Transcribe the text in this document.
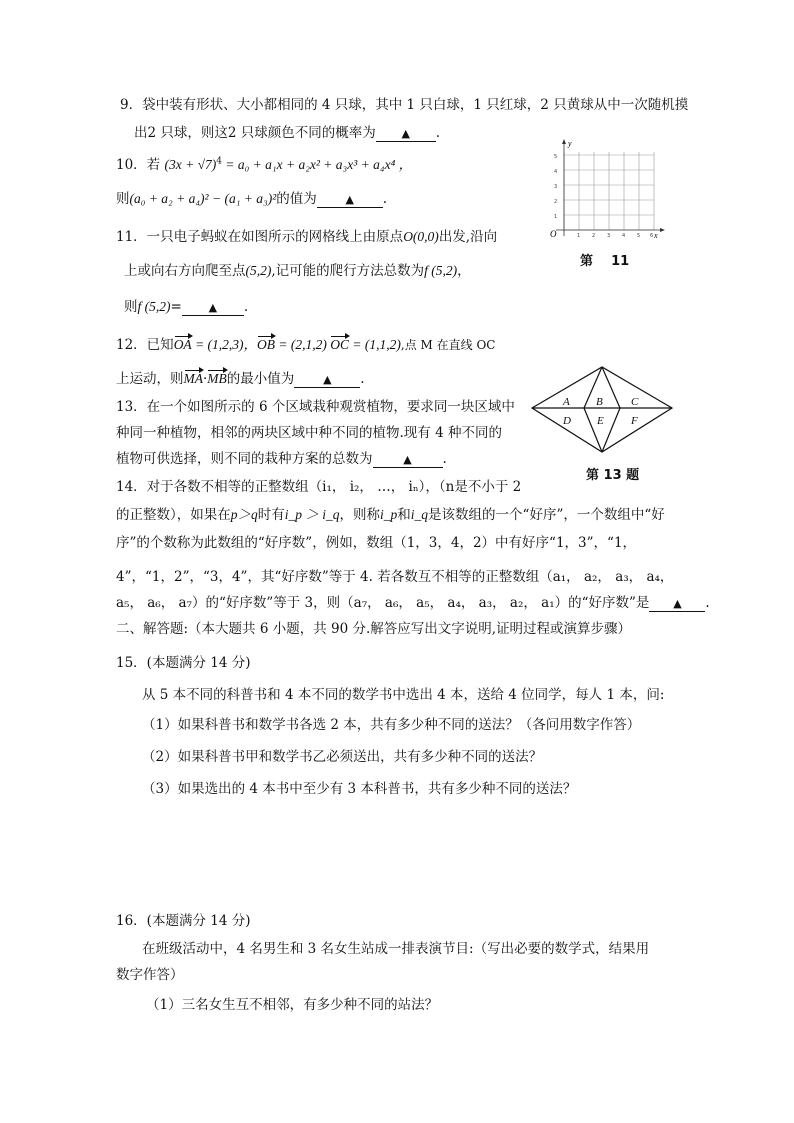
9．袋中装有形状、大小都相同的 4 只球，其中 1 只白球，1 只红球，2 只黄球从中一次随机摸
出2 只球，则这2 只球颜色不同的概率为 ▲ .
10．若 $(3x + √7)^4 = a_0 + a_1x + a_2x^2 + a_3x^3 + a_4x^4$ ，
则(a₀ + a₂ + a₄)² − (a₁ + a₃)²的值为	▲ .
11．一只电子蚂蚁在如图所示的网格线上由原点O(0,0)出发,沿向
上或向右方向爬至点(5,2),记可能的爬行方法总数为f (5,2)，
则f (5,2)= ▲ .
12．已知OA = (1,2,3)，OB = (2,1,2) OC = (1,1,2),点 M 在直线 OC
上运动，则MA·MB的最小值为	▲ .
13．在一个如图所示的 6 个区域栽种观赏植物，要求同一块区域中
种同一种植物，相邻的两块区域中种不同的植物.现有 4 种不同的
植物可供选择，则不同的栽种方案的总数为	▲ .
14．对于各数不相等的正整数组（i₁， i₂， …， iₙ），（n是不小于 2
的正整数），如果在p＞q时有i_p ＞ i_q，则称i_p和i_q是该数组的一个“好序”，一个数组中“好
序”的个数称为此数组的“好序数”，例如，数组（1，3，4，2）中有好序“1，3”，“1，
4”，“1，2”，“3，4”，其“好序数”等于 4. 若各数互不相等的正整数组（a₁， a₂， a₃， a₄，
a₅， a₆， a₇）的“好序数”等于 3，则（a₇， a₆， a₅， a₄， a₃， a₂， a₁）的“好序数”是 ▲ .
二、解答题:（本大题共 6 小题，共 90 分.解答应写出文字说明,证明过程或演算步骤）
15．(本题满分 14 分)
从 5 本不同的科普书和 4 本不同的数学书中选出 4 本，送给 4 位同学，每人 1 本，问:
（1）如果科普书和数学书各选 2 本，共有多少种不同的送法？（各问用数字作答）
（2）如果科普书甲和数学书乙必须送出，共有多少种不同的送法？
（3）如果选出的 4 本书中至少有 3 本科普书，共有多少种不同的送法？
16．(本题满分 14 分)
在班级活动中，4 名男生和 3 名女生站成一排表演节目:（写出必要的数学式，结果用
数字作答）
（1）三名女生互不相邻，有多少种不同的站法？
y
x
O
5
4
3
2
1
1 2 3 4 5 6
第 11
A B	C
D E F
第 13 题
